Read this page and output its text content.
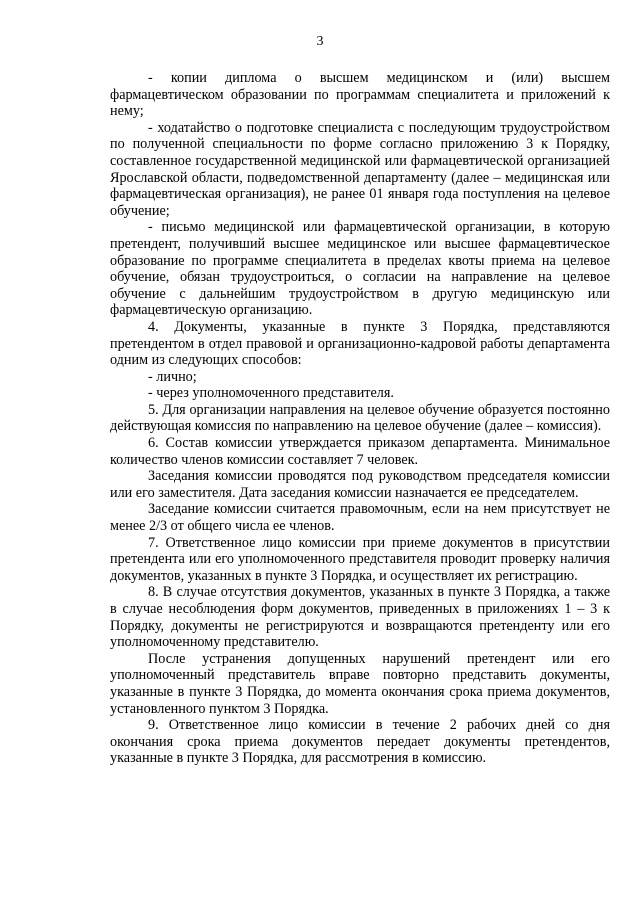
3

- копии диплома о высшем медицинском и (или) высшем фармацевтическом образовании по программам специалитета и приложений к нему;

- ходатайство о подготовке специалиста с последующим трудоустройством по полученной специальности по форме согласно приложению 3 к Порядку, составленное государственной медицинской или фармацевтической организацией Ярославской области, подведомственной департаменту (далее – медицинская или фармацевтическая организация), не ранее 01 января года поступления на целевое обучение;

- письмо медицинской или фармацевтической организации, в которую претендент, получивший высшее медицинское или высшее фармацевтическое образование по программе специалитета в пределах квоты приема на целевое обучение, обязан трудоустроиться, о согласии на направление на целевое обучение с дальнейшим трудоустройством в другую медицинскую или фармацевтическую организацию.

4. Документы, указанные в пункте 3 Порядка, представляются претендентом в отдел правовой и организационно-кадровой работы департамента одним из следующих способов:

- лично;

- через уполномоченного представителя.

5. Для организации направления на целевое обучение образуется постоянно действующая комиссия по направлению на целевое обучение (далее – комиссия).

6. Состав комиссии утверждается приказом департамента. Минимальное количество членов комиссии составляет 7 человек.

Заседания комиссии проводятся под руководством председателя комиссии или его заместителя. Дата заседания комиссии назначается ее председателем.

Заседание комиссии считается правомочным, если на нем присутствует не менее 2/3 от общего числа ее членов.

7. Ответственное лицо комиссии при приеме документов в присутствии претендента или его уполномоченного представителя проводит проверку наличия документов, указанных в пункте 3 Порядка, и осуществляет их регистрацию.

8. В случае отсутствия документов, указанных в пункте 3 Порядка, а также в случае несоблюдения форм документов, приведенных в приложениях 1 – 3 к Порядку, документы не регистрируются и возвращаются претенденту или его уполномоченному представителю.

После устранения допущенных нарушений претендент или его уполномоченный представитель вправе повторно представить документы, указанные в пункте 3 Порядка, до момента окончания срока приема документов, установленного пунктом 3 Порядка.

9. Ответственное лицо комиссии в течение 2 рабочих дней со дня окончания срока приема документов передает документы претендентов, указанные в пункте 3 Порядка, для рассмотрения в комиссию.
